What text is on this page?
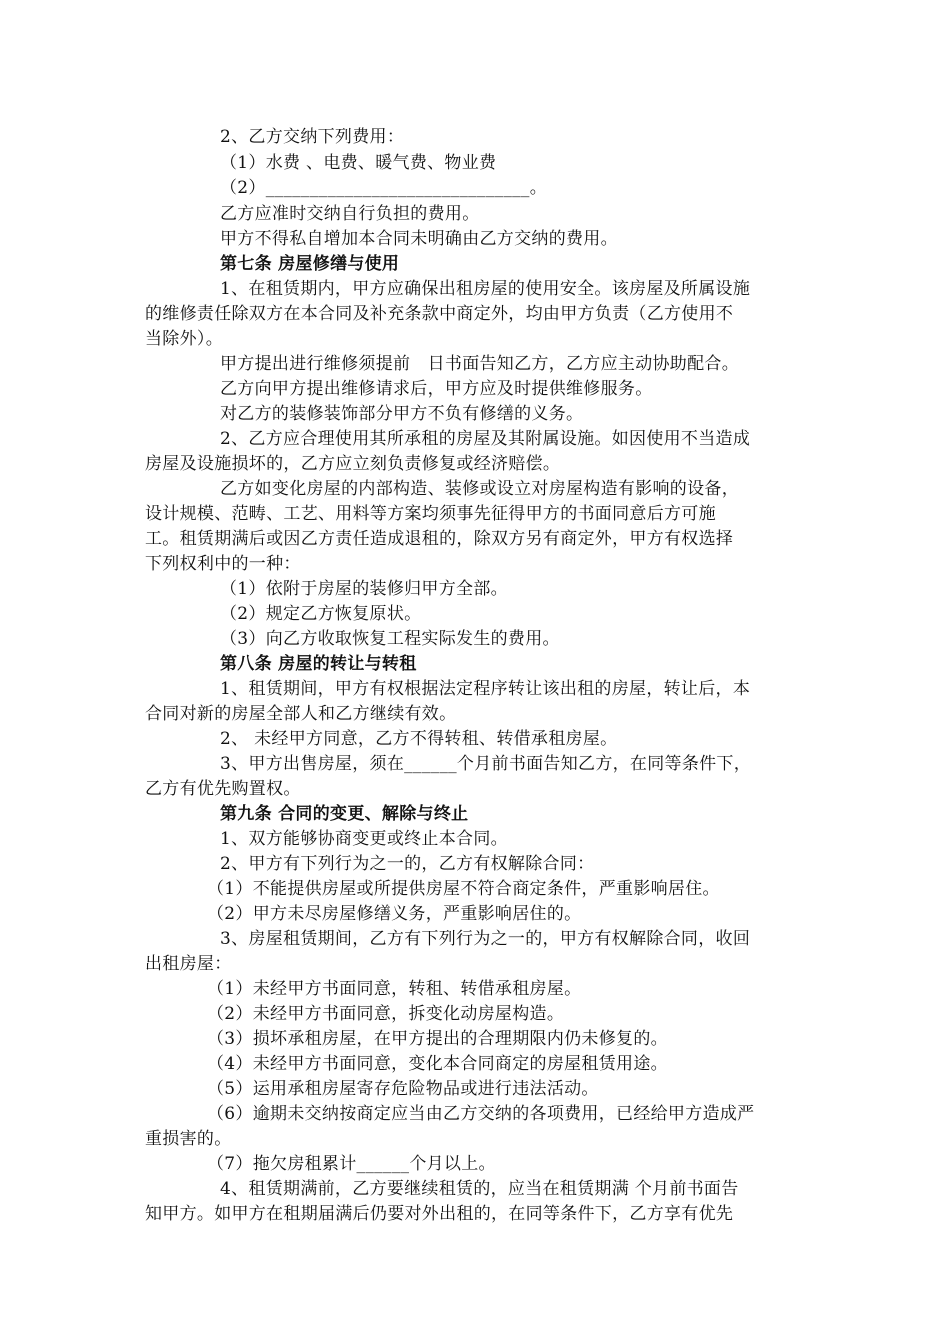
2、乙方交纳下列费用：
（1）水费 、电费、暖气费、物业费
（2）______________________________。
乙方应准时交纳自行负担的费用。
甲方不得私自增加本合同未明确由乙方交纳的费用。
第七条 房屋修缮与使用
1、在租赁期内，甲方应确保出租房屋的使用安全。该房屋及所属设施
的维修责任除双方在本合同及补充条款中商定外，均由甲方负责（乙方使用不
当除外）。
甲方提出进行维修须提前　日书面告知乙方，乙方应主动协助配合。
乙方向甲方提出维修请求后，甲方应及时提供维修服务。
对乙方的装修装饰部分甲方不负有修缮的义务。
2、乙方应合理使用其所承租的房屋及其附属设施。如因使用不当造成
房屋及设施损坏的，乙方应立刻负责修复或经济赔偿。
乙方如变化房屋的内部构造、装修或设立对房屋构造有影响的设备，
设计规模、范畴、工艺、用料等方案均须事先征得甲方的书面同意后方可施
工。租赁期满后或因乙方责任造成退租的，除双方另有商定外，甲方有权选择
下列权利中的一种：
（1）依附于房屋的装修归甲方全部。
（2）规定乙方恢复原状。
（3）向乙方收取恢复工程实际发生的费用。
第八条 房屋的转让与转租
1、租赁期间，甲方有权根据法定程序转让该出租的房屋，转让后，本
合同对新的房屋全部人和乙方继续有效。
2、 未经甲方同意，乙方不得转租、转借承租房屋。
3、甲方出售房屋，须在______个月前书面告知乙方，在同等条件下，
乙方有优先购置权。
第九条 合同的变更、解除与终止
1、双方能够协商变更或终止本合同。
2、甲方有下列行为之一的，乙方有权解除合同：
（1）不能提供房屋或所提供房屋不符合商定条件，严重影响居住。
（2）甲方未尽房屋修缮义务，严重影响居住的。
3、房屋租赁期间，乙方有下列行为之一的，甲方有权解除合同，收回
出租房屋：
（1）未经甲方书面同意，转租、转借承租房屋。
（2）未经甲方书面同意，拆变化动房屋构造。
（3）损坏承租房屋，在甲方提出的合理期限内仍未修复的。
（4）未经甲方书面同意，变化本合同商定的房屋租赁用途。
（5）运用承租房屋寄存危险物品或进行违法活动。
（6）逾期未交纳按商定应当由乙方交纳的各项费用，已经给甲方造成严
重损害的。
（7）拖欠房租累计______个月以上。
4、租赁期满前，乙方要继续租赁的，应当在租赁期满 个月前书面告
知甲方。如甲方在租期届满后仍要对外出租的，在同等条件下，乙方享有优先
